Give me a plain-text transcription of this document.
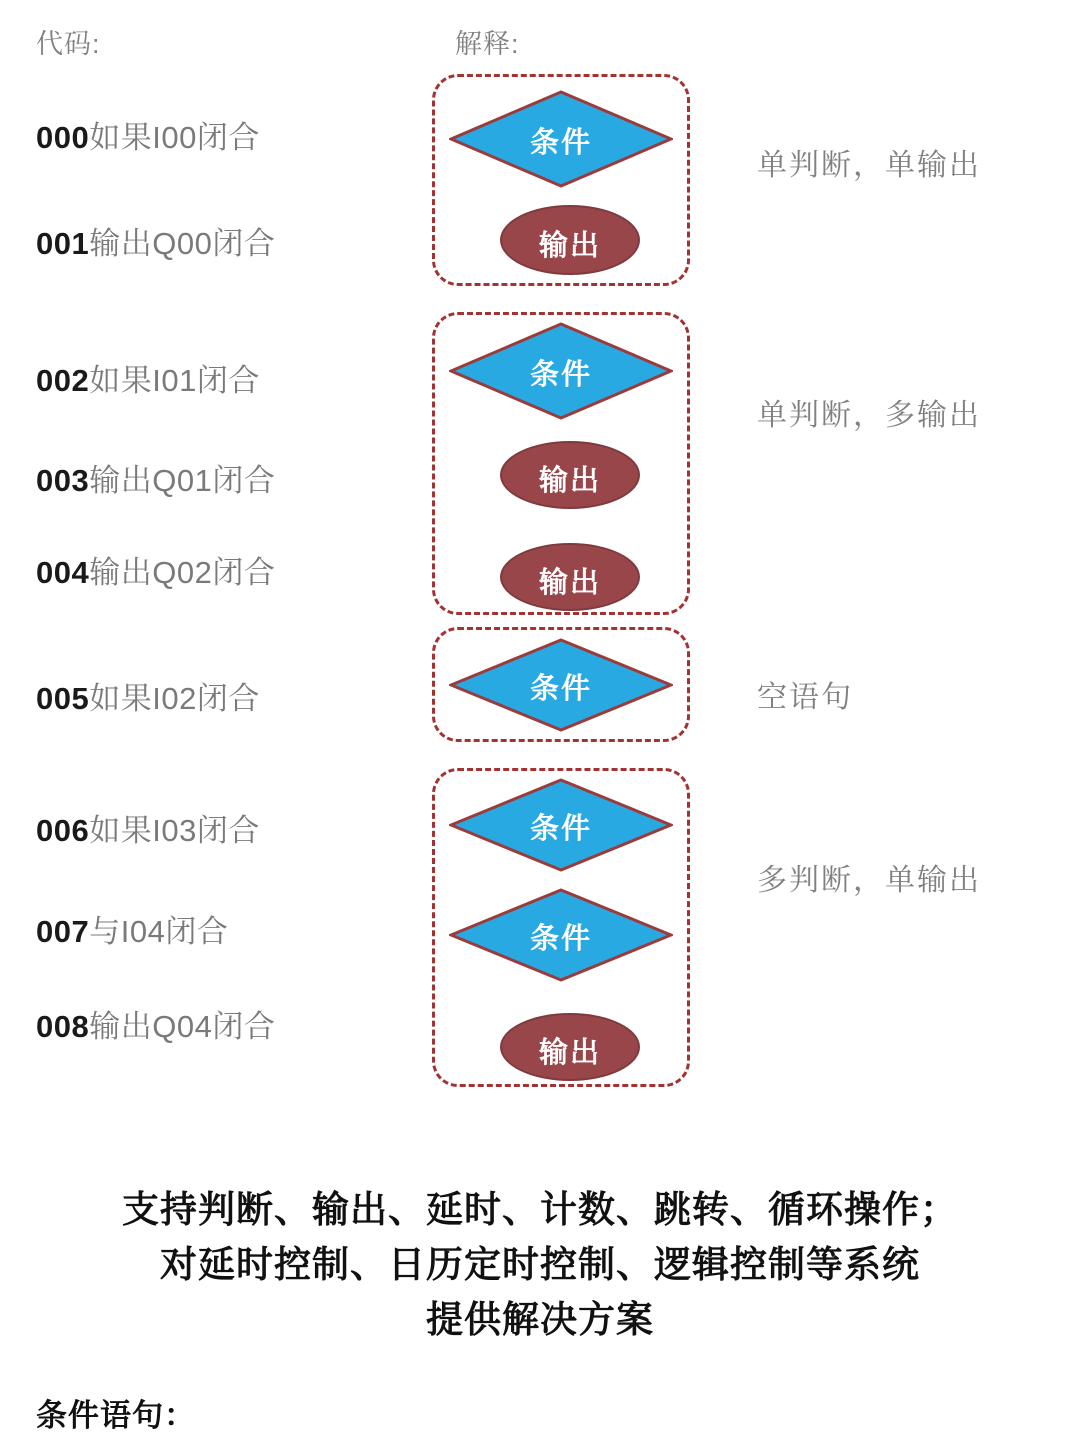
代码:	解释:
000如果I00闭合
001输出Q00闭合
002如果I01闭合
003输出Q01闭合
004输出Q02闭合
005如果I02闭合
006如果I03闭合
007与I04闭合
008输出Q04闭合
条件
输出
单判断，单输出
条件
输出
输出
单判断，多输出
条件	空语句
条件
条件
输出
多判断，单输出
支持判断、输出、延时、计数、跳转、循环操作；
对延时控制、日历定时控制、逻辑控制等系统
提供解决方案
条件语句：
